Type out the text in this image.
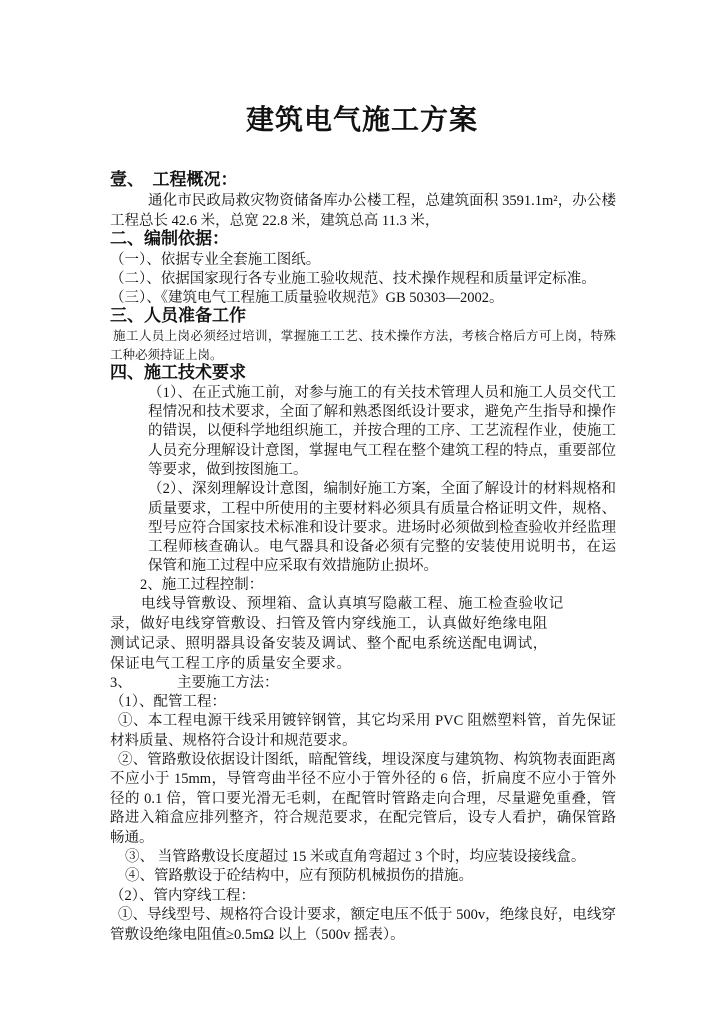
建筑电气施工方案
壹、　工程概况：
通化市民政局救灾物资储备库办公楼工程，总建筑面积 3591.1m²，办公楼
工程总长 42.6 米，总宽 22.8 米，建筑总高 11.3 米，
二、编制依据：
（一）、依据专业全套施工图纸。
（二）、依据国家现行各专业施工验收规范、技术操作规程和质量评定标准。
（三）、《建筑电气工程施工质量验收规范》GB 50303—2002。
三、人员准备工作
施工人员上岗必须经过培训，掌握施工工艺、技术操作方法，考核合格后方可上岗，特殊
工种必须持证上岗。
四、施工技术要求
（1）、在正式施工前，对参与施工的有关技术管理人员和施工人员交代工
程情况和技术要求，全面了解和熟悉图纸设计要求，避免产生指导和操作
的错误，以便科学地组织施工，并按合理的工序、工艺流程作业，使施工
人员充分理解设计意图，掌握电气工程在整个建筑工程的特点，重要部位
等要求，做到按图施工。
（2）、深刻理解设计意图，编制好施工方案，全面了解设计的材料规格和
质量要求，工程中所使用的主要材料必须具有质量合格证明文件，规格、
型号应符合国家技术标准和设计要求。进场时必须做到检查验收并经监理
工程师核查确认。电气器具和设备必须有完整的安装使用说明书，在运
保管和施工过程中应采取有效措施防止损坏。
2、施工过程控制：
电线导管敷设、预埋箱、盒认真填写隐蔽工程、施工检查验收记
录，做好电线穿管敷设、扫管及管内穿线施工，认真做好绝缘电阻
测试记录、照明器具设备安装及调试、整个配电系统送配电调试，
保证电气工程工序的质量安全要求。
3、	主要施工方法：
（1）、配管工程：
①、本工程电源干线采用镀锌钢管，其它均采用 PVC 阻燃塑料管，首先保证
材料质量、规格符合设计和规范要求。
②、管路敷设依据设计图纸，暗配管线，埋设深度与建筑物、构筑物表面距离
不应小于 15mm，导管弯曲半径不应小于管外径的 6 倍，折扁度不应小于管外
径的 0.1 倍，管口要光滑无毛刺，在配管时管路走向合理，尽量避免重叠，管
路进入箱盒应排列整齐，符合规范要求，在配完管后，设专人看护，确保管路
畅通。
③、 当管路敷设长度超过 15 米或直角弯超过 3 个时，均应装设接线盒。
④、管路敷设于砼结构中，应有预防机械损伤的措施。
（2）、管内穿线工程：
①、导线型号、规格符合设计要求，额定电压不低于 500v，绝缘良好，电线穿
管敷设绝缘电阻值≥0.5mΩ 以上（500v 摇表）。
